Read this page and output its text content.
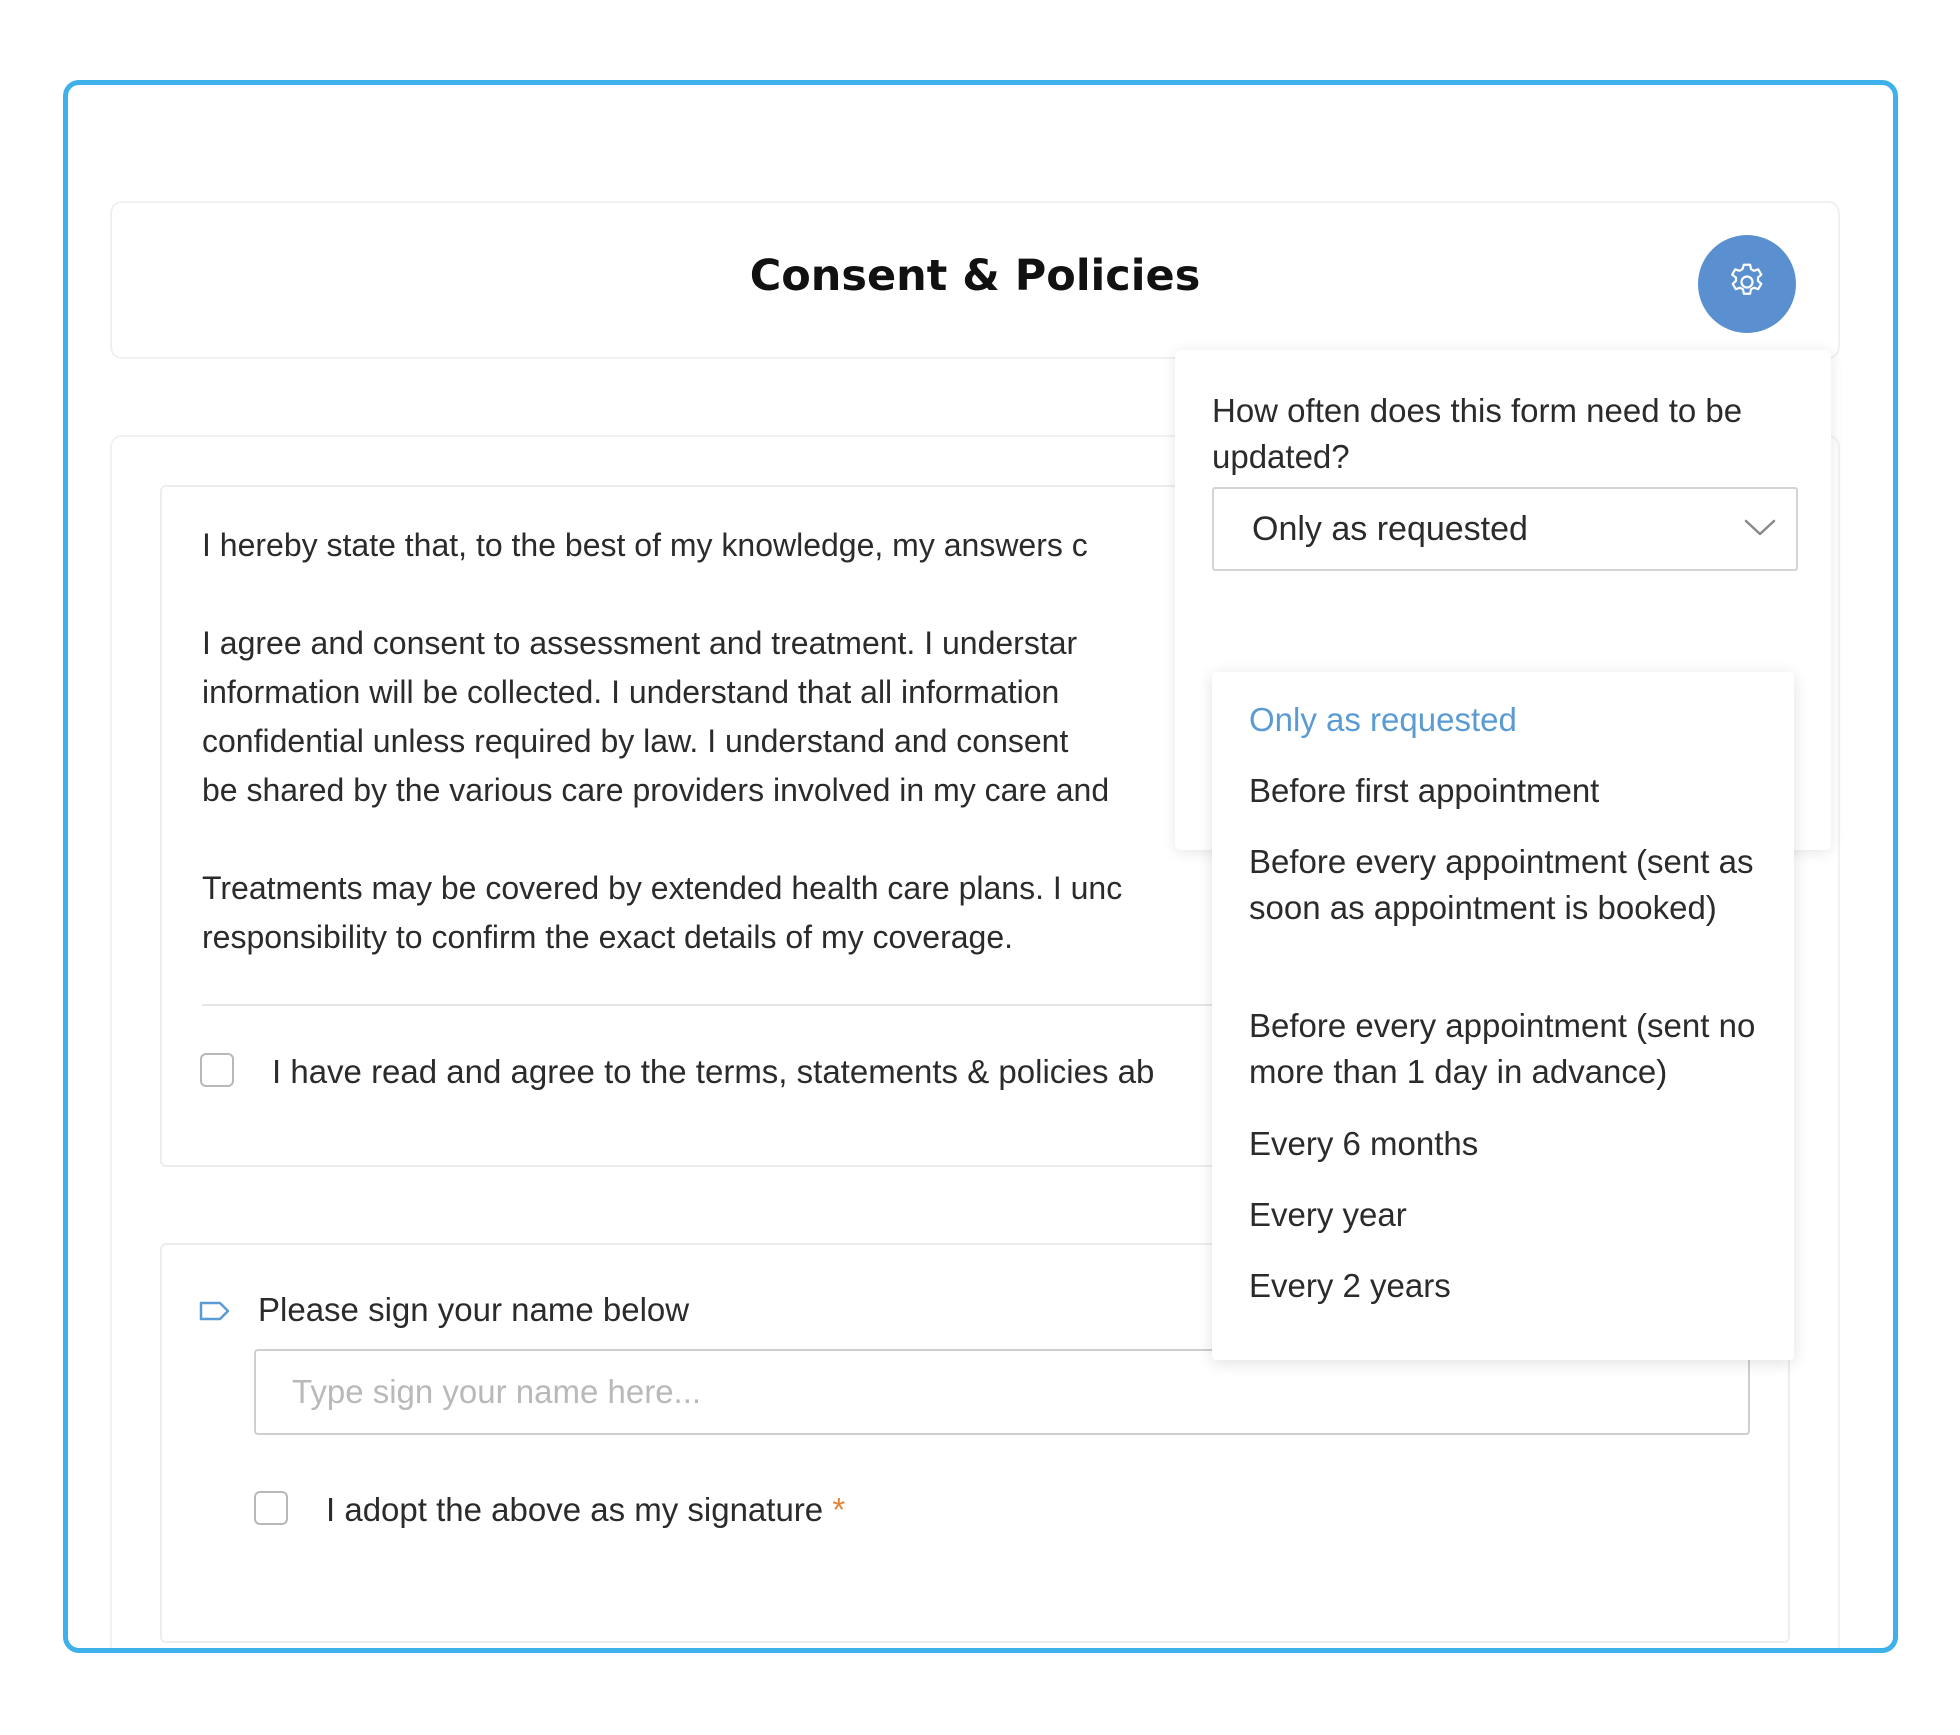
Consent & Policies
I hereby state that, to the best of my knowledge, my answers c
I agree and consent to assessment and treatment. I understar
information will be collected. I understand that all information
confidential unless required by law. I understand and consent
be shared by the various care providers involved in my care and
Treatments may be covered by extended health care plans. I unc
responsibility to confirm the exact details of my coverage.
I have read and agree to the terms, statements & policies ab
Please sign your name below
Type sign your name here...
I adopt the above as my signature *
How often does this form need to be updated?
Only as requested
Only as requested
Before first appointment
Before every appointment (sent as soon as appointment is booked)
Before every appointment (sent no more than 1 day in advance)
Every 6 months
Every year
Every 2 years
